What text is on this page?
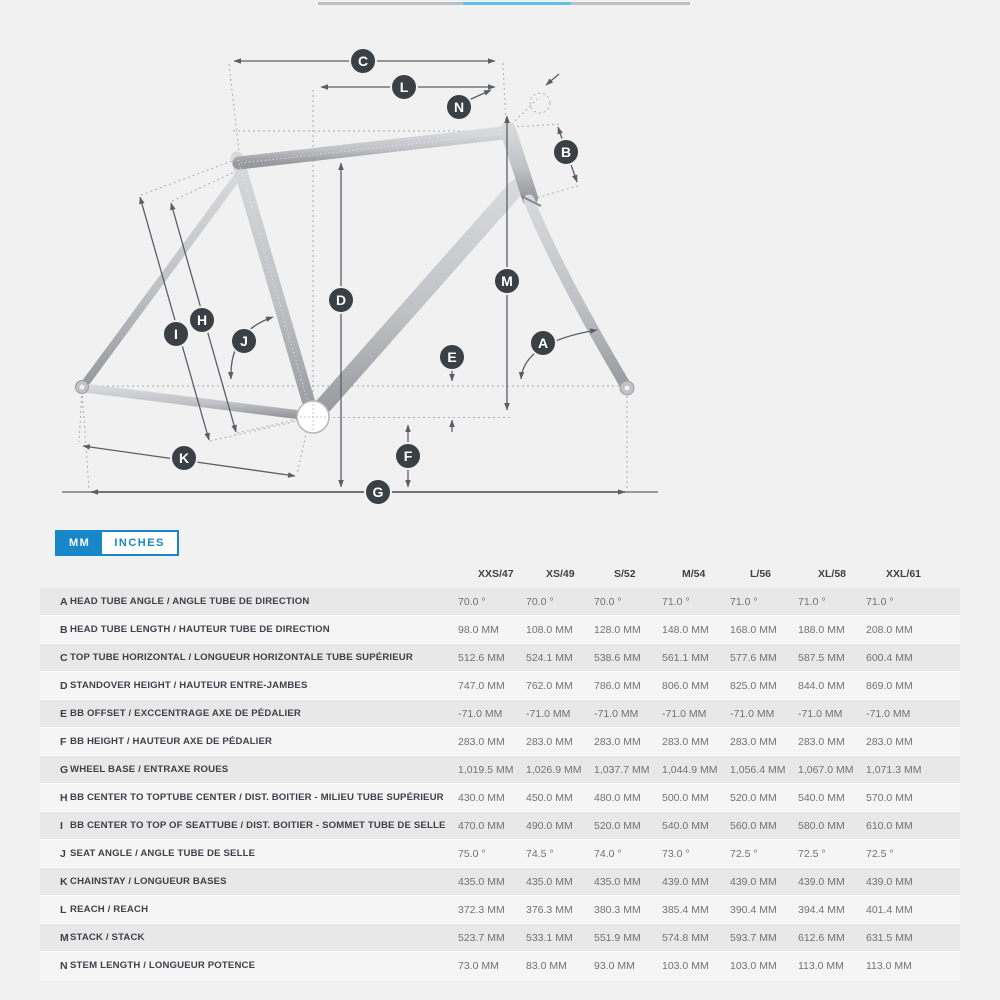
C
L
N
B
D
M
H
I	J
E
A
K	F
G
MM	INCHES
XXS/47	XS/49	S/52	M/54	L/56	XL/58	XXL/61
A HEAD TUBE ANGLE / ANGLE TUBE DE DIRECTION	70.0 °	70.0 °	70.0 °	71.0 °	71.0 °	71.0 °	71.0 °
B HEAD TUBE LENGTH / HAUTEUR TUBE DE DIRECTION	98.0 MM	108.0 MM	128.0 MM	148.0 MM	168.0 MM	188.0 MM	208.0 MM
C TOP TUBE HORIZONTAL / LONGUEUR HORIZONTALE TUBE SUPÉRIEUR	512.6 MM	524.1 MM	538.6 MM	561.1 MM	577.6 MM	587.5 MM	600.4 MM
D STANDOVER HEIGHT / HAUTEUR ENTRE-JAMBES	747.0 MM	762.0 MM	786.0 MM	806.0 MM	825.0 MM	844.0 MM	869.0 MM
E BB OFFSET / EXCCENTRAGE AXE DE PÉDALIER	-71.0 MM	-71.0 MM	-71.0 MM	-71.0 MM	-71.0 MM	-71.0 MM	-71.0 MM
F BB HEIGHT / HAUTEUR AXE DE PÉDALIER	283.0 MM	283.0 MM	283.0 MM	283.0 MM	283.0 MM	283.0 MM	283.0 MM
G WHEEL BASE / ENTRAXE ROUES	1,019.5 MM	1,026.9 MM	1,037.7 MM	1,044.9 MM	1,056.4 MM	1,067.0 MM	1,071.3 MM
H BB CENTER TO TOPTUBE CENTER / DIST. BOITIER - MILIEU TUBE SUPÉRIEUR	430.0 MM	450.0 MM	480.0 MM	500.0 MM	520.0 MM	540.0 MM	570.0 MM
I BB CENTER TO TOP OF SEATTUBE / DIST. BOITIER - SOMMET TUBE DE SELLE	470.0 MM	490.0 MM	520.0 MM	540.0 MM	560.0 MM	580.0 MM	610.0 MM
J SEAT ANGLE / ANGLE TUBE DE SELLE	75.0 °	74.5 °	74.0 °	73.0 °	72.5 °	72.5 °	72.5 °
K CHAINSTAY / LONGUEUR BASES	435.0 MM	435.0 MM	435.0 MM	439.0 MM	439.0 MM	439.0 MM	439.0 MM
L REACH / REACH	372.3 MM	376.3 MM	380.3 MM	385.4 MM	390.4 MM	394.4 MM	401.4 MM
M STACK / STACK	523.7 MM	533.1 MM	551.9 MM	574.8 MM	593.7 MM	612.6 MM	631.5 MM
N STEM LENGTH / LONGUEUR POTENCE	73.0 MM	83.0 MM	93.0 MM	103.0 MM	103.0 MM	113.0 MM	113.0 MM
